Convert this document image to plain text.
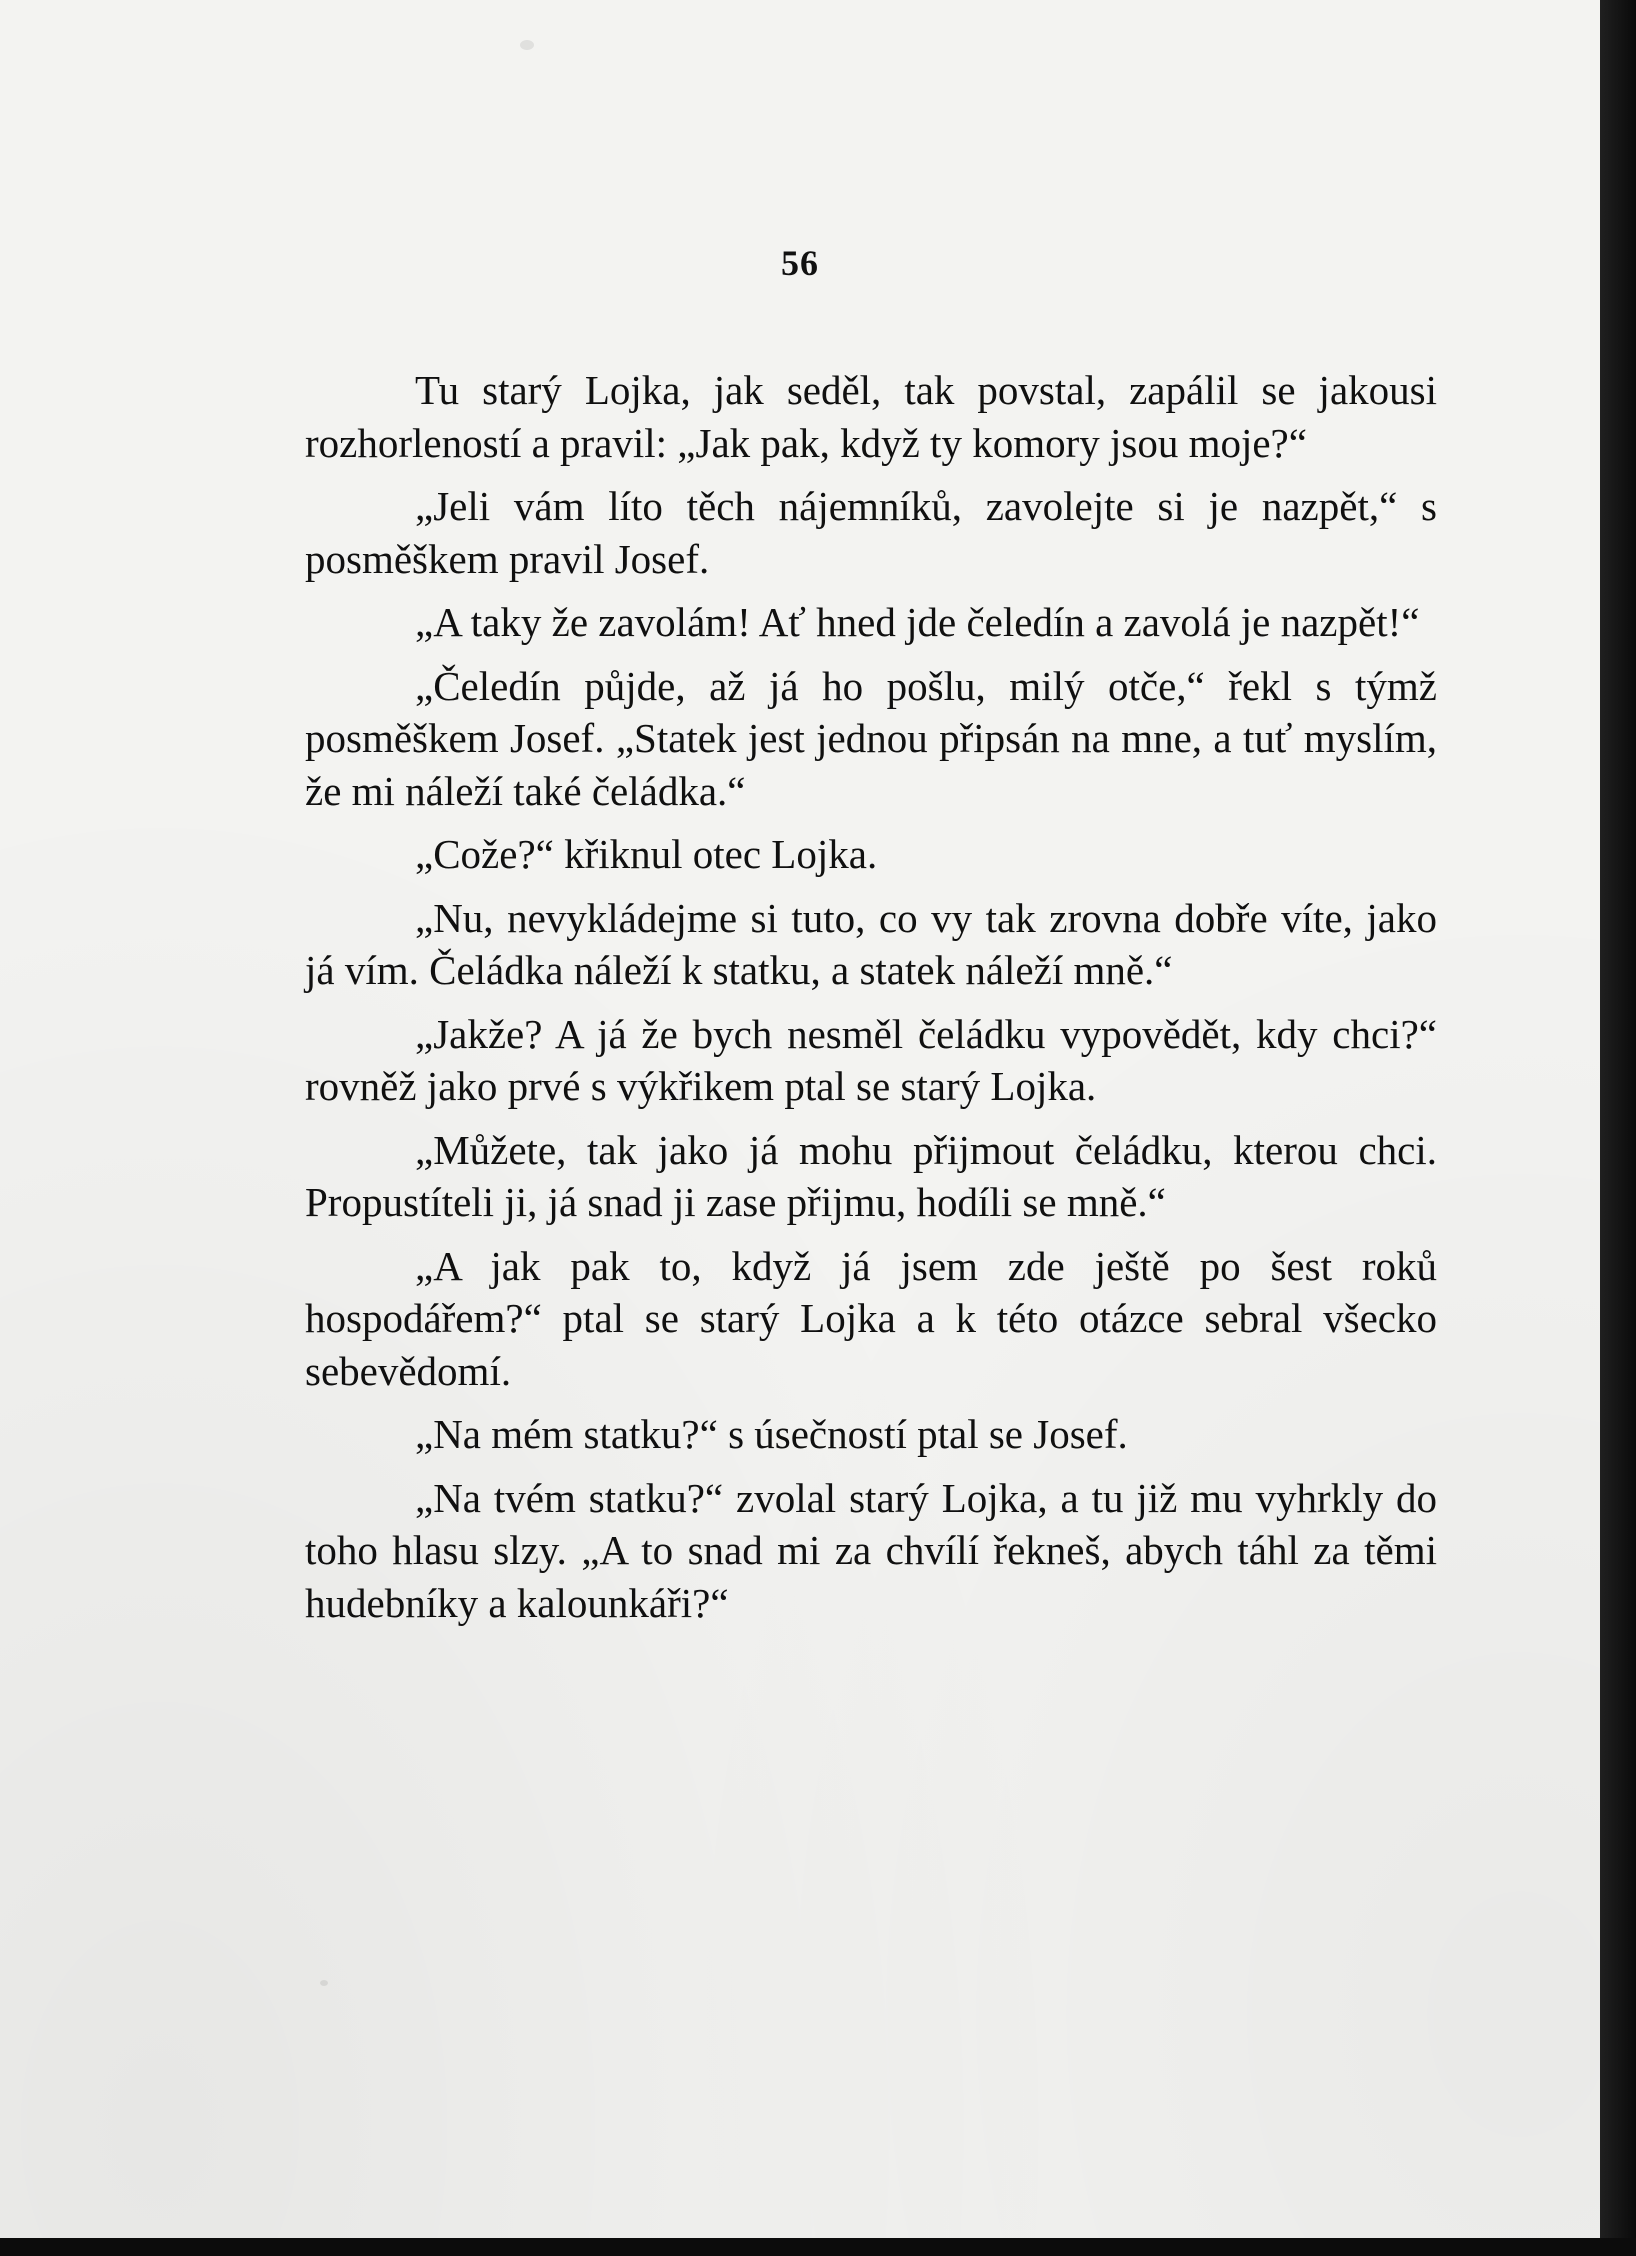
56

Tu starý Lojka, jak seděl, tak povstal, zapálil se jakousi rozhorleností a pravil: „Jak pak, když ty komory jsou moje?“

„Jeli vám líto těch nájemníků, zavolejte si je nazpět,“ s posměškem pravil Josef.

„A taky že zavolám! Ať hned jde čeledín a zavolá je nazpět!“

„Čeledín půjde, až já ho pošlu, milý otče,“ řekl s týmž posměškem Josef. „Statek jest jednou připsán na mne, a tuť myslím, že mi náleží také čeládka.“

„Cože?“ křiknul otec Lojka.

„Nu, nevykládejme si tuto, co vy tak zrovna dobře víte, jako já vím. Čeládka náleží k statku, a statek náleží mně.“

„Jakže? A já že bych nesměl čeládku vypovědět, kdy chci?“ rovněž jako prvé s výkřikem ptal se starý Lojka.

„Můžete, tak jako já mohu přijmout čeládku, kterou chci. Propustíteli ji, já snad ji zase přijmu, hodíli se mně.“

„A jak pak to, když já jsem zde ještě po šest roků hospodářem?“ ptal se starý Lojka a k této otázce sebral všecko sebevědomí.

„Na mém statku?“ s úsečností ptal se Josef.

„Na tvém statku?“ zvolal starý Lojka, a tu již mu vyhrkly do toho hlasu slzy. „A to snad mi za chvílí řekneš, abych táhl za těmi hudebníky a kalounkáři?“
